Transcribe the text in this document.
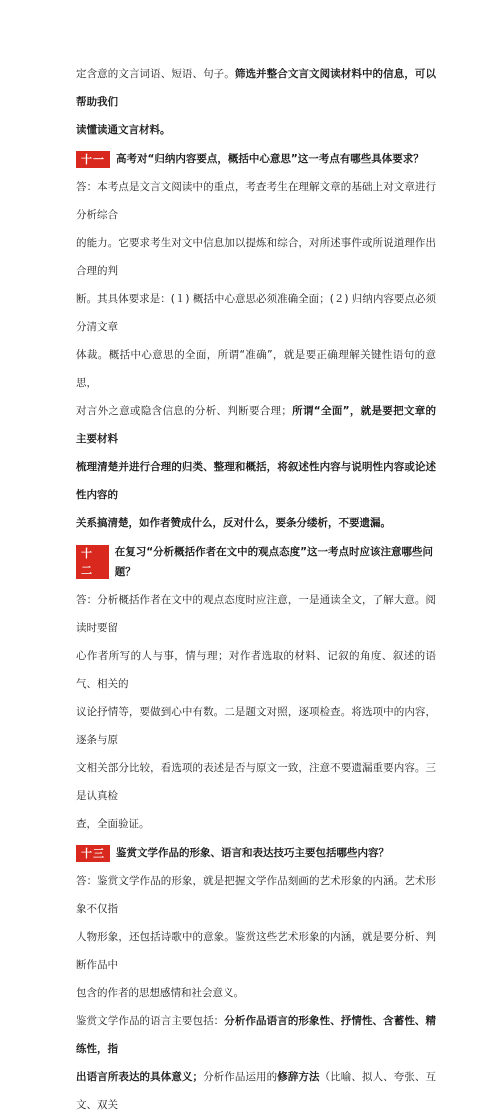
定含意的文言词语、短语、句子。筛选并整合文言文阅读材料中的信息，可以帮助我们

读懂读通文言材料。

十一	高考对“归纳内容要点，概括中心意思”这一考点有哪些具体要求？

答：本考点是文言文阅读中的重点，考查考生在理解文章的基础上对文章进行分析综合

的能力。它要求考生对文中信息加以提炼和综合，对所述事件或所说道理作出合理的判

断。其具体要求是：(１) 概括中心意思必须准确全面；(２) 归纳内容要点必须分清文章

体裁。概括中心意思的全面，所谓“准确”，就是要正确理解关键性语句的意思，

对言外之意或隐含信息的分析、判断要合理；所谓“全面”，就是要把文章的主要材料

梳理清楚并进行合理的归类、整理和概括，将叙述性内容与说明性内容或论述性内容的

关系搞清楚，如作者赞成什么，反对什么，要条分缕析，不要遗漏。

十二
在复习“分析概括作者在文中的观点态度”这一考点时应该注意哪些问题？

答：分析概括作者在文中的观点态度时应注意，一是通读全文，了解大意。阅读时要留

心作者所写的人与事，情与理；对作者选取的材料、记叙的角度、叙述的语气、相关的

议论抒情等，要做到心中有数。二是题文对照，逐项检查。将选项中的内容，逐条与原

文相关部分比较，看选项的表述是否与原文一致，注意不要遗漏重要内容。三是认真检

查，全面验证。

十三	鉴赏文学作品的形象、语言和表达技巧主要包括哪些内容？

答：鉴赏文学作品的形象，就是把握文学作品刻画的艺术形象的内涵。艺术形象不仅指

人物形象，还包括诗歌中的意象。鉴赏这些艺术形象的内涵，就是要分析、判断作品中

包含的作者的思想感情和社会意义。

鉴赏文学作品的语言主要包括：分析作品语言的形象性、抒情性、含蓄性、精练性，指

出语言所表达的具体意义；分析作品运用的修辞方法（比喻、拟人、夸张、互文、双关
